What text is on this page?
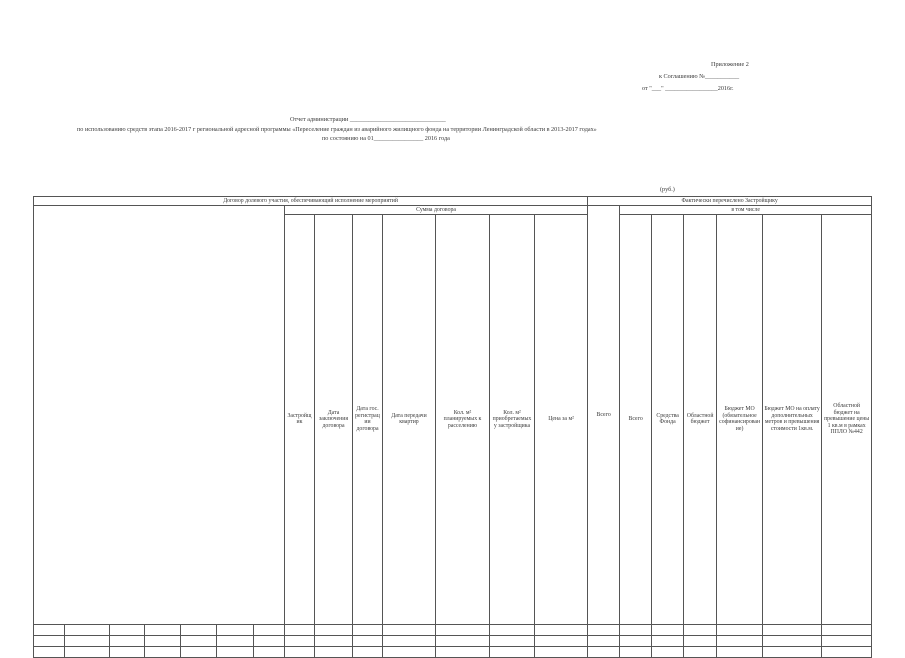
Приложение 2
к Соглашению №___________
от "___" _________________2016г.
Отчет администрации _______________________________
по использованию средств этапа 2016-2017 г региональной адресной программы «Переселение граждан из аварийного жилищного фонда на территории Ленинградской области в 2013-2017 годах»
по состоянию на 01________________ 2016 года
(руб.)
Договор долевого участия, обеспечивающий исполнение мероприятий														Фактически перечислено Застройщику							
							Сумма договора							Всего	в том числе						
							Застройщик	Дата заключения договора	Дата гос. регистрации договора	Дата передачи квартир	Кол. м² планируемых к расселению	Кол. м² приобретаемых у застройщика	Цена за м²		Всего	Средства Фонда	Областной бюджет	Бюджет МО (обязательное софинансирование)	Бюджет МО на оплату дополнительных метров и превышения стоимости 1кв.м.	Областной бюджет на превышение цены 1 кв.м в рамках ППЛО №442							
